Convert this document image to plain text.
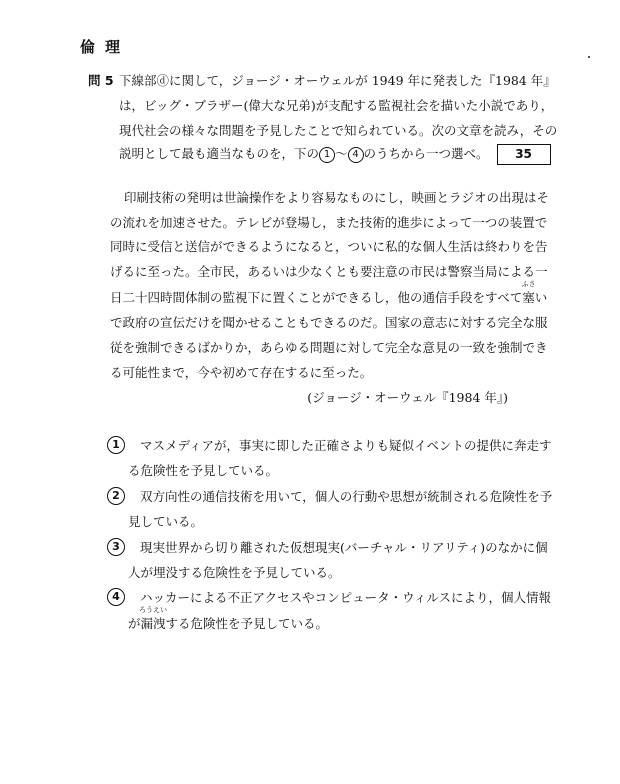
倫理
問 5 下線部ⓓに関して，ジョージ・オーウェルが 1949 年に発表した『1984 年』
は，ビッグ・ブラザー(偉大な兄弟)が支配する監視社会を描いた小説であり，
現代社会の様々な問題を予見したことで知られている。次の文章を読み，その
説明として最も適当なものを，下の 1 ～ 4 のうちから一つ選べ。 35
印刷技術の発明は世論操作をより容易なものにし，映画とラジオの出現はそ
の流れを加速させた。テレビが登場し，また技術的進歩によって一つの装置で
同時に受信と送信ができるようになると，ついに私的な個人生活は終わりを告
げるに至った。全市民，あるいは少なくとも要注意の市民は警察当局による一
日二十四時間体制の監視下に置くことができるし，他の通信手段をすべて塞
ふさ
い
で政府の宣伝だけを聞かせることもできるのだ。国家の意志に対する完全な服
従を強制できるばかりか，あらゆる問題に対して完全な意見の一致を強制でき
る可能性まで，今や初めて存在するに至った。
(ジョージ・オーウェル『1984 年』)
1	マスメディアが，事実に即した正確さよりも疑似イベントの提供に奔走す
る危険性を予見している。
2	双方向性の通信技術を用いて，個人の行動や思想が統制される危険性を予
見している。
3	現実世界から切り離された仮想現実(バーチャル・リアリティ)のなかに個
人が埋没する危険性を予見している。
4	ハッカーによる不正アクセスやコンピュータ・ウィルスにより，個人情報
が漏洩
ろうえい
する危険性を予見している。
